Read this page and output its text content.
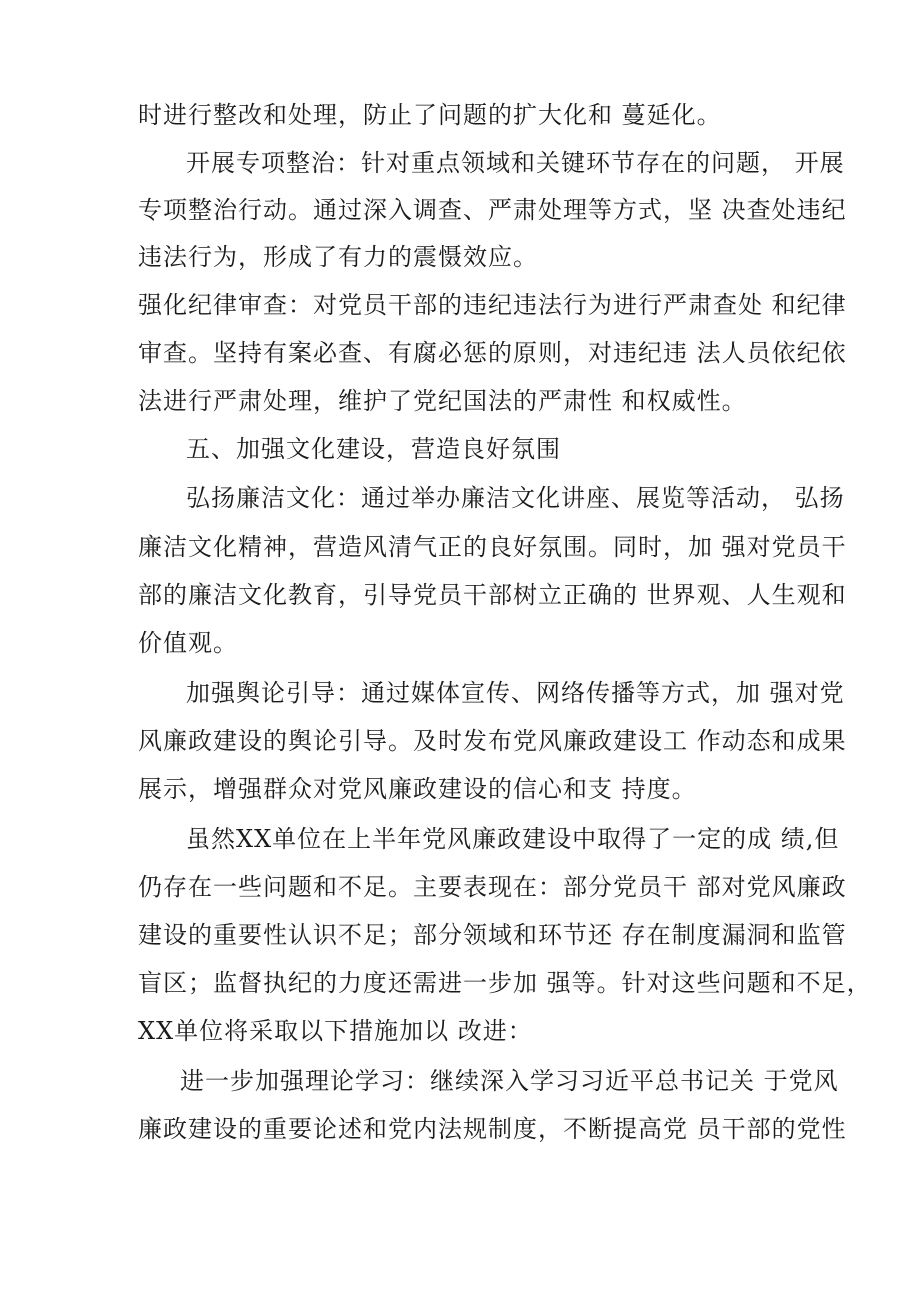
时进行整改和处理，防止了问题的扩大化和 蔓延化。
开展专项整治：针对重点领域和关键环节存在的问题， 开展
专项整治行动。通过深入调查、严肃处理等方式，坚 决查处违纪
违法行为，形成了有力的震慑效应。
强化纪律审查：对党员干部的违纪违法行为进行严肃查处 和纪律
审查。坚持有案必查、有腐必惩的原则，对违纪违 法人员依纪依
法进行严肃处理，维护了党纪国法的严肃性 和权威性。
五、加强文化建设，营造良好氛围
弘扬廉洁文化：通过举办廉洁文化讲座、展览等活动， 弘扬
廉洁文化精神，营造风清气正的良好氛围。同时，加 强对党员干
部的廉洁文化教育，引导党员干部树立正确的 世界观、人生观和
价值观。
加强舆论引导：通过媒体宣传、网络传播等方式，加 强对党
风廉政建设的舆论引导。及时发布党风廉政建设工 作动态和成果
展示，增强群众对党风廉政建设的信心和支 持度。
虽然XX单位在上半年党风廉政建设中取得了一定的成 绩,但
仍存在一些问题和不足。主要表现在：部分党员干 部对党风廉政
建设的重要性认识不足；部分领域和环节还 存在制度漏洞和监管
盲区；监督执纪的力度还需进一步加 强等。针对这些问题和不足，
XX单位将采取以下措施加以 改进：
进一步加强理论学习：继续深入学习习近平总书记关 于党风
廉政建设的重要论述和党内法规制度，不断提高党 员干部的党性
